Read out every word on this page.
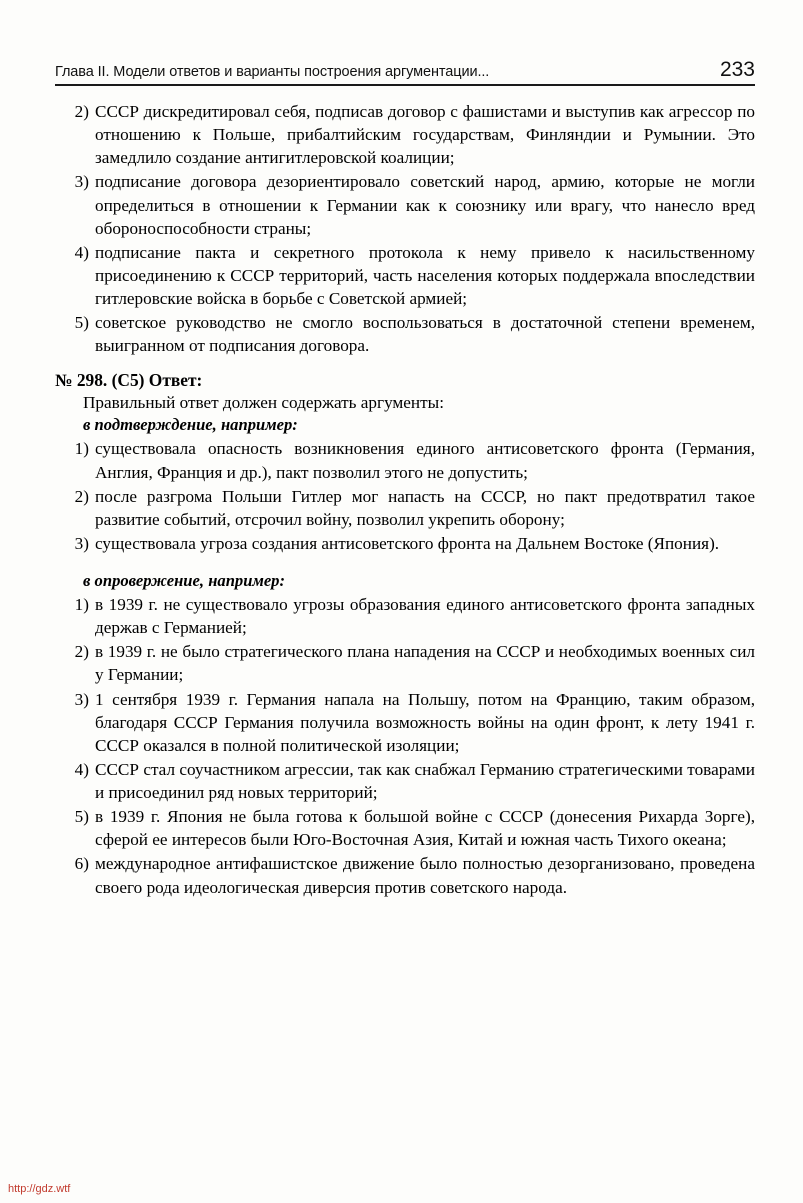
Глава II. Модели ответов и варианты построения аргументации...	233
2) СССР дискредитировал себя, подписав договор с фашистами и выступив как агрессор по отношению к Польше, прибалтийским государствам, Финляндии и Румынии. Это замедлило создание антигитлеровской коалиции;
3) подписание договора дезориентировало советский народ, армию, которые не могли определиться в отношении к Германии как к союзнику или врагу, что нанесло вред обороноспособности страны;
4) подписание пакта и секретного протокола к нему привело к насильственному присоединению к СССР территорий, часть населения которых поддержала впоследствии гитлеровские войска в борьбе с Советской армией;
5) советское руководство не смогло воспользоваться в достаточной степени временем, выигранном от подписания договора.
№ 298. (С5) Ответ:
Правильный ответ должен содержать аргументы:
в подтверждение, например:
1) существовала опасность возникновения единого антисоветского фронта (Германия, Англия, Франция и др.), пакт позволил этого не допустить;
2) после разгрома Польши Гитлер мог напасть на СССР, но пакт предотвратил такое развитие событий, отсрочил войну, позволил укрепить оборону;
3) существовала угроза создания антисоветского фронта на Дальнем Востоке (Япония).
в опровержение, например:
1) в 1939 г. не существовало угрозы образования единого антисоветского фронта западных держав с Германией;
2) в 1939 г. не было стратегического плана нападения на СССР и необходимых военных сил у Германии;
3) 1 сентября 1939 г. Германия напала на Польшу, потом на Францию, таким образом, благодаря СССР Германия получила возможность войны на один фронт, к лету 1941 г. СССР оказался в полной политической изоляции;
4) СССР стал соучастником агрессии, так как снабжал Германию стратегическими товарами и присоединил ряд новых территорий;
5) в 1939 г. Япония не была готова к большой войне с СССР (донесения Рихарда Зорге), сферой ее интересов были Юго-Восточная Азия, Китай и южная часть Тихого океана;
6) международное антифашистское движение было полностью дезорганизовано, проведена своего рода идеологическая диверсия против советского народа.
http://gdz.wtf
